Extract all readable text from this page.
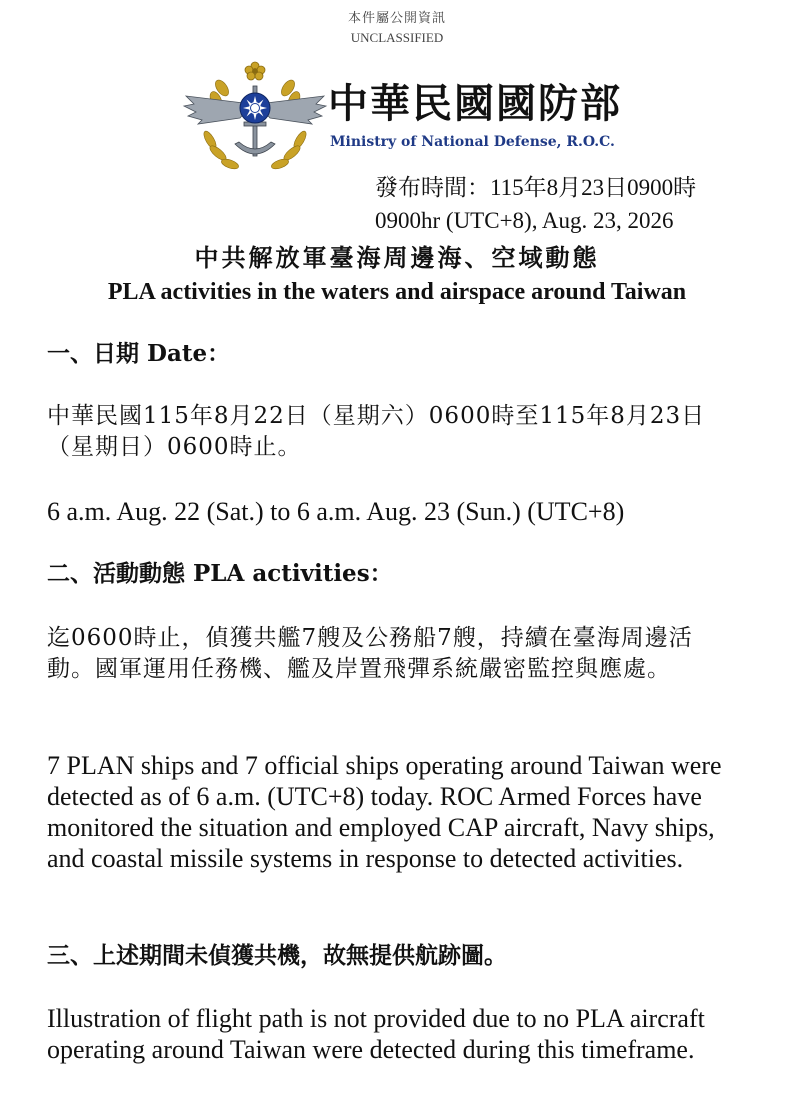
本件屬公開資訊
UNCLASSIFIED
中華民國國防部
Ministry of National Defense, R.O.C.
發布時間：115年8月23日0900時
0900hr (UTC+8), Aug. 23, 2026
中共解放軍臺海周邊海、空域動態
PLA activities in the waters and airspace around Taiwan
一、日期 Date：
中華民國115年8月22日（星期六）0600時至115年8月23日（星期日）0600時止。
6 a.m. Aug. 22 (Sat.) to 6 a.m. Aug. 23 (Sun.) (UTC+8)
二、活動動態 PLA activities：
迄0600時止，偵獲共艦7艘及公務船7艘，持續在臺海周邊活動。國軍運用任務機、艦及岸置飛彈系統嚴密監控與應處。
7 PLAN ships and 7 official ships operating around Taiwan were detected as of 6 a.m. (UTC+8) today. ROC Armed Forces have monitored the situation and employed CAP aircraft, Navy ships, and coastal missile systems in response to detected activities.
三、上述期間未偵獲共機，故無提供航跡圖。
Illustration of flight path is not provided due to no PLA aircraft operating around Taiwan were detected during this timeframe.
